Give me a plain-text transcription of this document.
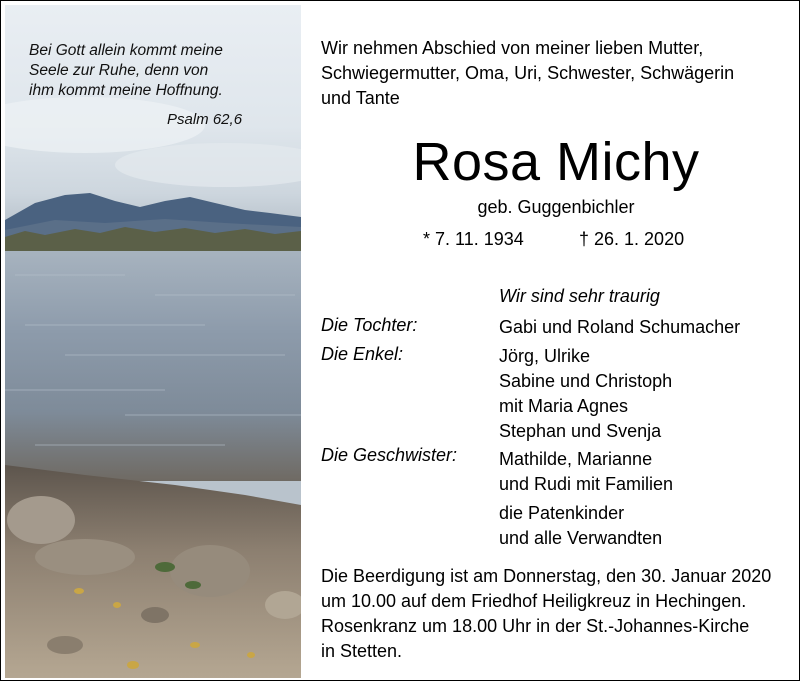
Bei Gott allein kommt meine
Seele zur Ruhe, denn von
ihm kommt meine Hoffnung.
Psalm 62,6
Wir nehmen Abschied von meiner lieben Mutter,
Schwiegermutter, Oma, Uri, Schwester, Schwägerin
und Tante
Rosa Michy
geb. Guggenbichler
* 7. 11. 1934	† 26. 1. 2020
Wir sind sehr traurig
Die Tochter:	Gabi und Roland Schumacher
Die Enkel:	Jörg, Ulrike
Sabine und Christoph
mit Maria Agnes
Stephan und Svenja
Die Geschwister: Mathilde, Marianne
und Rudi mit Familien
die Patenkinder
und alle Verwandten
Die Beerdigung ist am Donnerstag, den 30. Januar 2020
um 10.00 auf dem Friedhof Heiligkreuz in Hechingen.
Rosenkranz um 18.00 Uhr in der St.-Johannes-Kirche
in Stetten.
